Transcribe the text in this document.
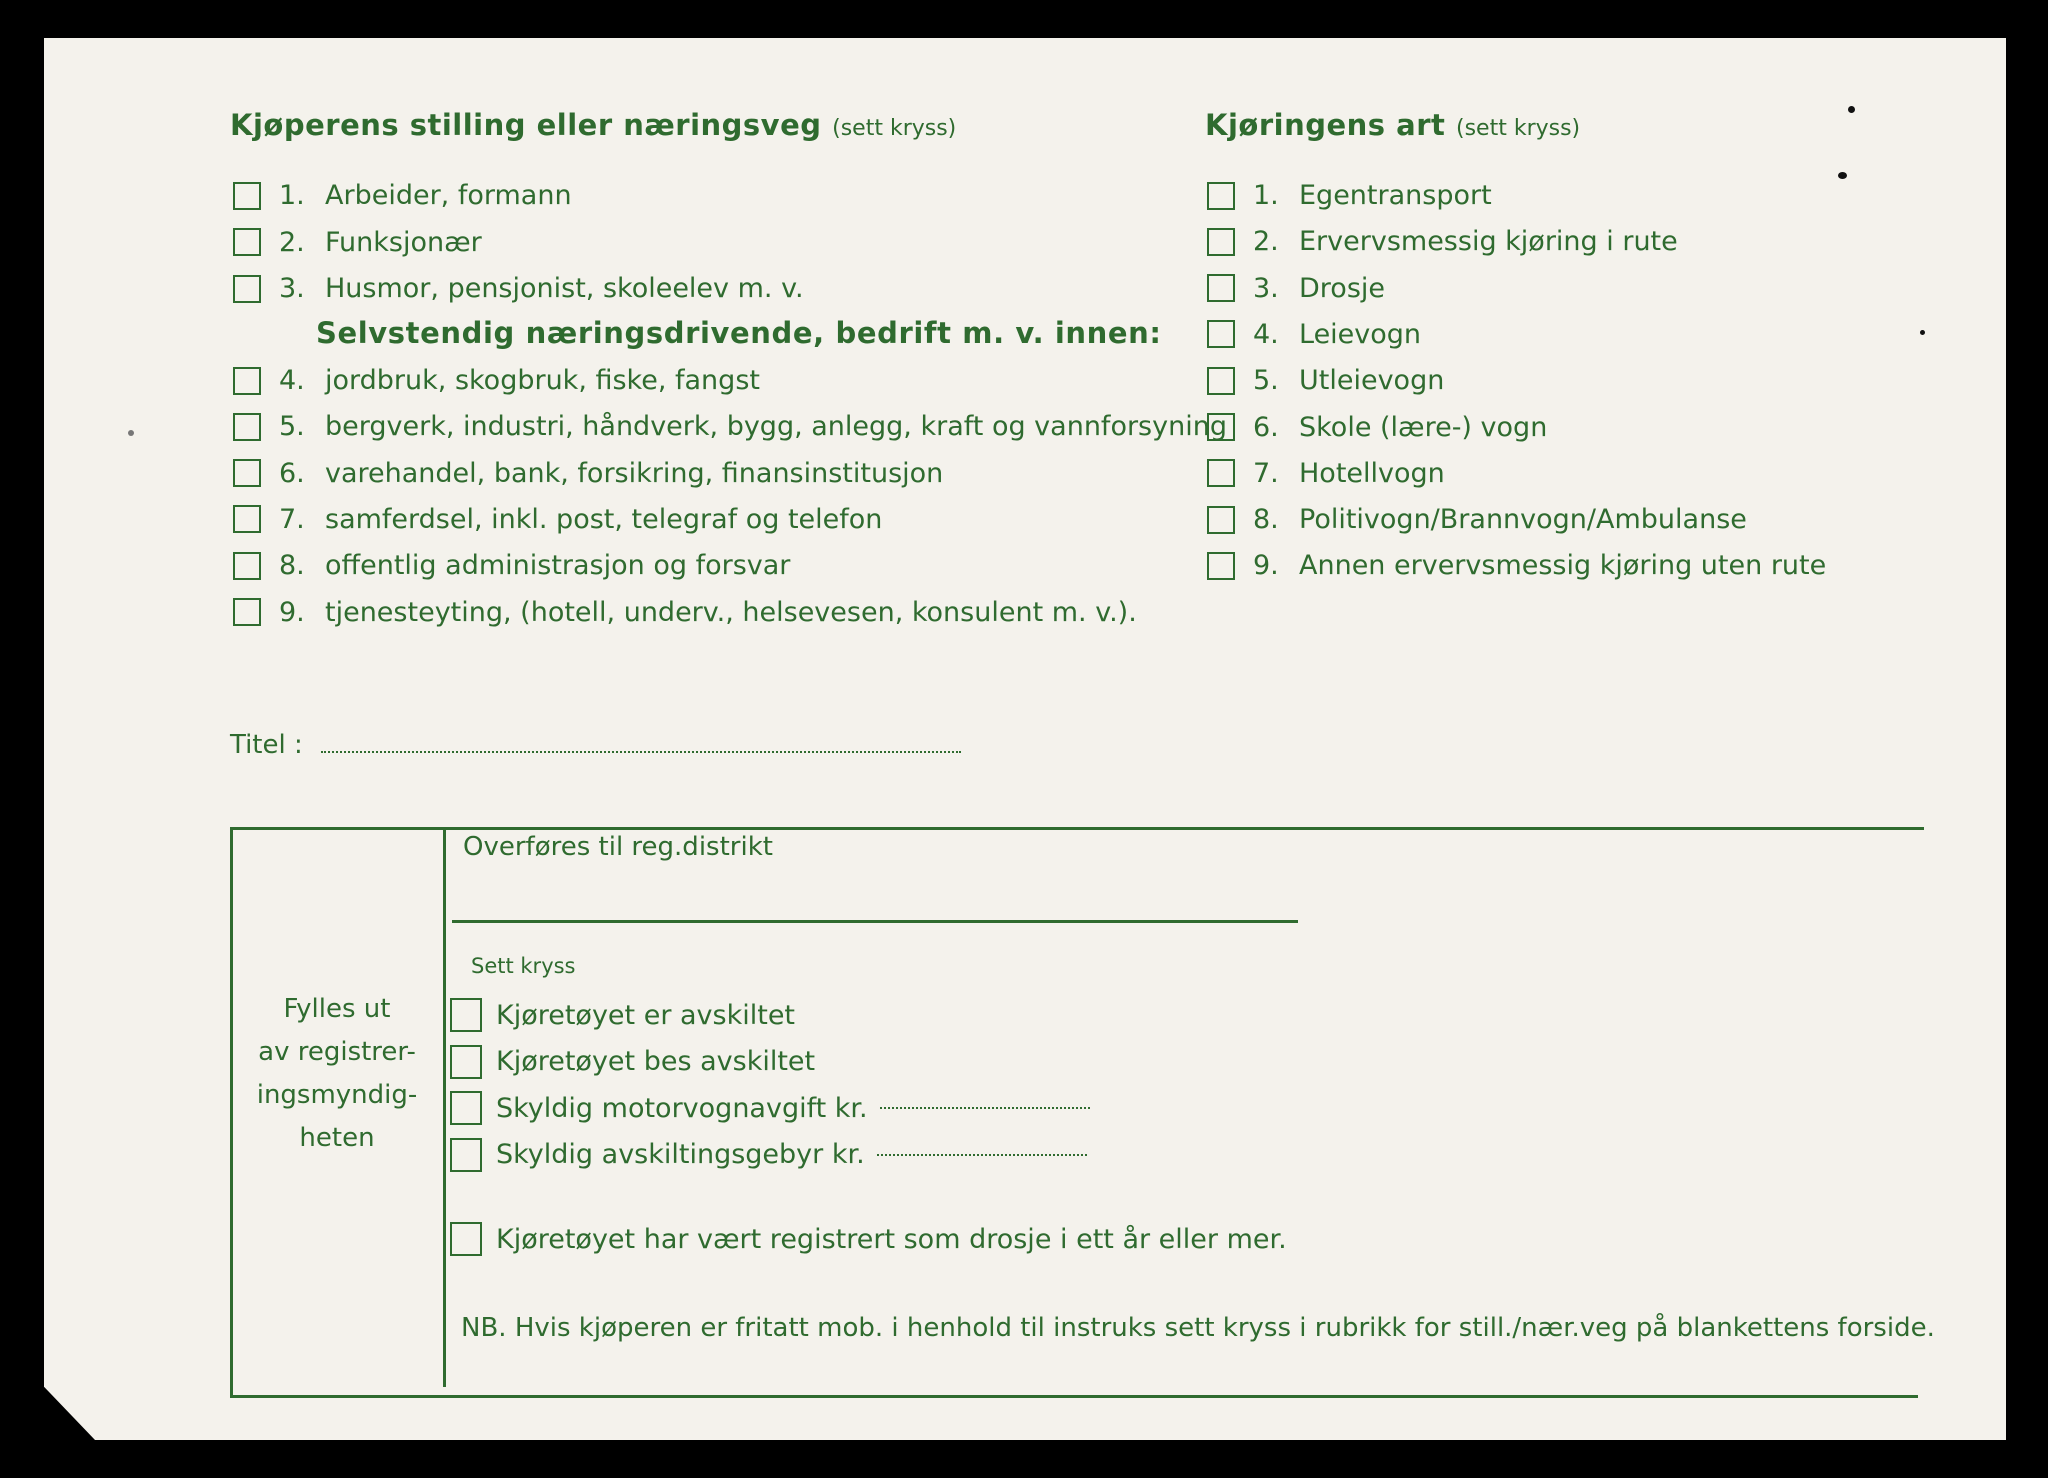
Kjøperens stilling eller næringsveg (sett kryss)
1. Arbeider, formann
2. Funksjonær
3. Husmor, pensjonist, skoleelev m. v.
Selvstendig næringsdrivende, bedrift m. v. innen:
4. jordbruk, skogbruk, fiske, fangst
5. bergverk, industri, håndverk, bygg, anlegg, kraft og vannforsyning
6. varehandel, bank, forsikring, finansinstitusjon
7. samferdsel, inkl. post, telegraf og telefon
8. offentlig administrasjon og forsvar
9. tjenesteyting, (hotell, underv., helsevesen, konsulent m. v.).
Titel :
Kjøringens art (sett kryss)
1. Egentransport
2. Ervervsmessig kjøring i rute
3. Drosje
4. Leievogn
5. Utleievogn
6. Skole (lære-) vogn
7. Hotellvogn
8. Politivogn/Brannvogn/Ambulanse
9. Annen ervervsmessig kjøring uten rute
Fylles ut
av registrer-
ingsmyndig-
heten
Overføres til reg.distrikt
Sett kryss
Kjøretøyet er avskiltet
Kjøretøyet bes avskiltet
Skyldig motorvognavgift kr.
Skyldig avskiltingsgebyr kr.
Kjøretøyet har vært registrert som drosje i ett år eller mer.
NB. Hvis kjøperen er fritatt mob. i henhold til instruks sett kryss i rubrikk for still./nær.veg på blankettens forside.
